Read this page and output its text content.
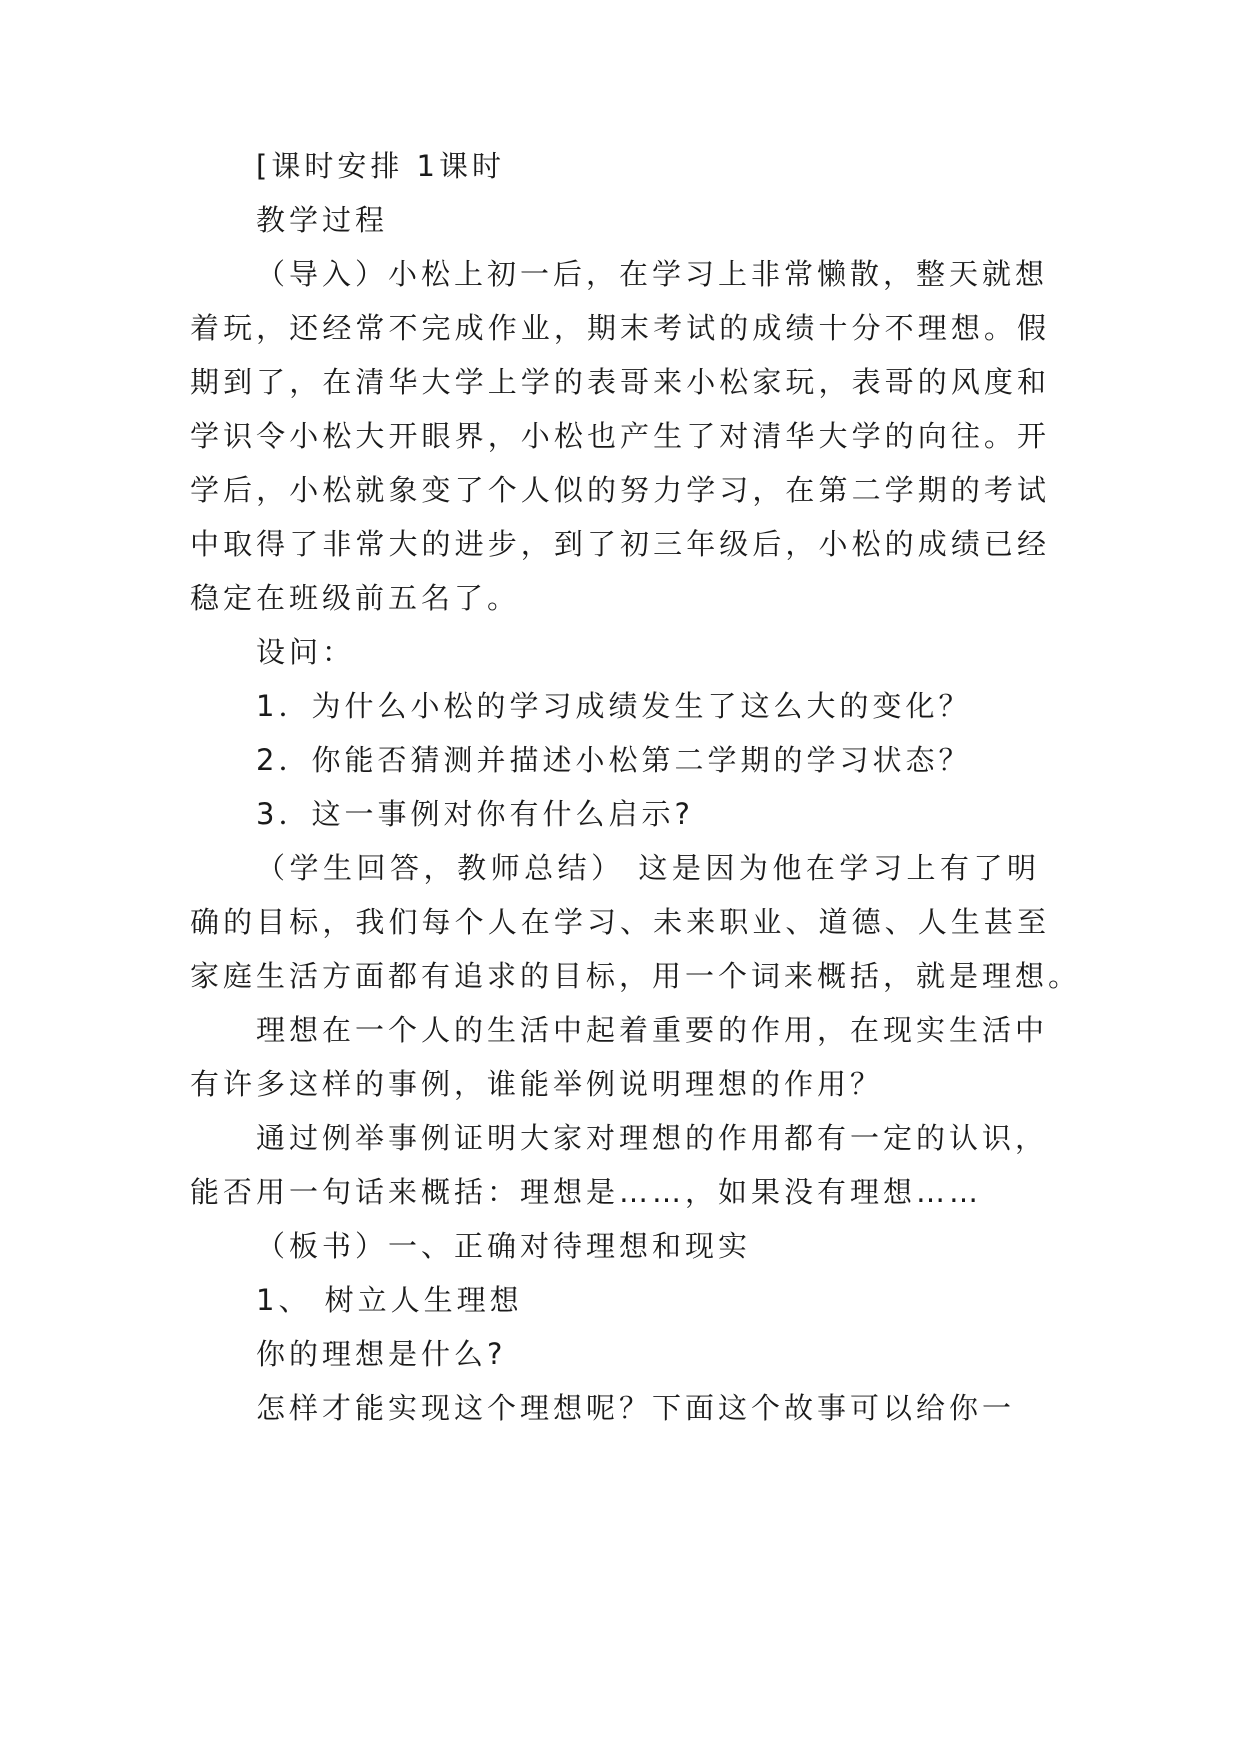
[课时安排 1课时
教学过程
（导入）小松上初一后，在学习上非常懒散，整天就想
着玩，还经常不完成作业，期末考试的成绩十分不理想。假
期到了，在清华大学上学的表哥来小松家玩，表哥的风度和
学识令小松大开眼界，小松也产生了对清华大学的向往。开
学后，小松就象变了个人似的努力学习，在第二学期的考试
中取得了非常大的进步，到了初三年级后，小松的成绩已经
稳定在班级前五名了。
设问：
1．为什么小松的学习成绩发生了这么大的变化？
2．你能否猜测并描述小松第二学期的学习状态？
3．这一事例对你有什么启示?
（学生回答，教师总结） 这是因为他在学习上有了明
确的目标，我们每个人在学习、未来职业、道德、人生甚至
家庭生活方面都有追求的目标，用一个词来概括，就是理想。
理想在一个人的生活中起着重要的作用，在现实生活中
有许多这样的事例，谁能举例说明理想的作用？
通过例举事例证明大家对理想的作用都有一定的认识，
能否用一句话来概括：理想是……，如果没有理想……
（板书）一、正确对待理想和现实
1、 树立人生理想
你的理想是什么?
怎样才能实现这个理想呢？下面这个故事可以给你一
